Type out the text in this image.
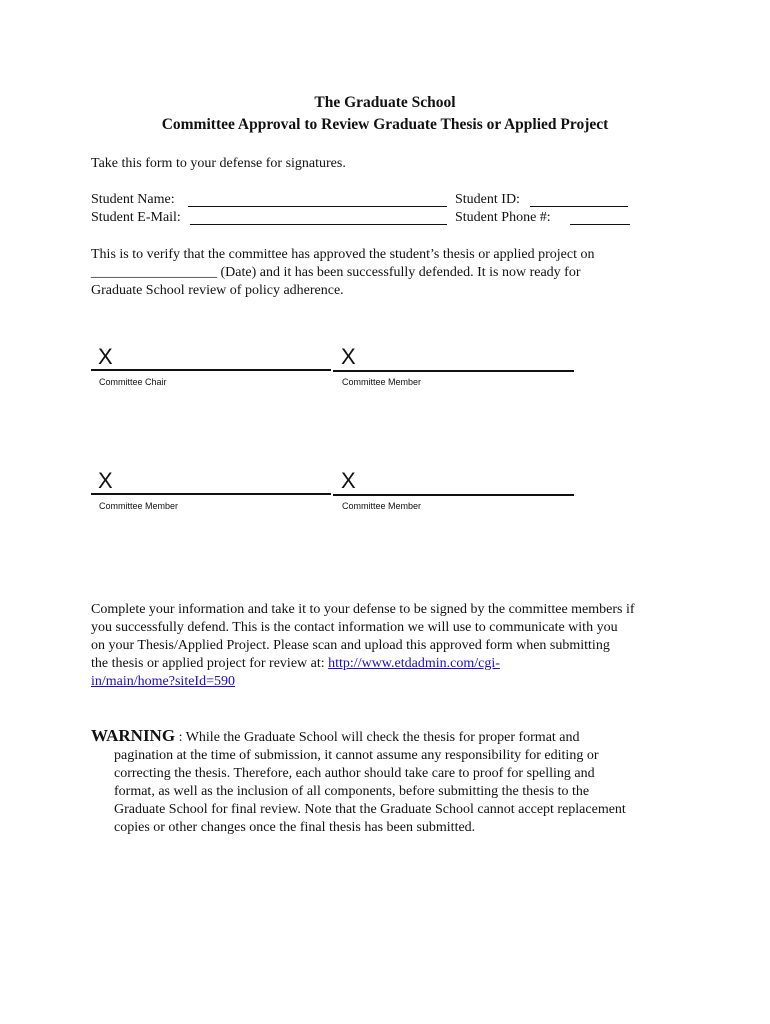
The Graduate School
Committee Approval to Review Graduate Thesis or Applied Project
Take this form to your defense for signatures.
Student Name:
Student E-Mail:
Student ID:
Student Phone #:
This is to verify that the committee has approved the student’s thesis or applied project on
__________________ (Date) and it has been successfully defended. It is now ready for
Graduate School review of policy adherence.
X
Committee Chair
X
Committee Member
X
Committee Member
X
Committee Member
Complete your information and take it to your defense to be signed by the committee members if
you successfully defend. This is the contact information we will use to communicate with you
on your Thesis/Applied Project. Please scan and upload this approved form when submitting
the thesis or applied project for review at: http://www.etdadmin.com/cgi-
in/main/home?siteId=590
WARNING : While the Graduate School will check the thesis for proper format and
pagination at the time of submission, it cannot assume any responsibility for editing or
correcting the thesis. Therefore, each author should take care to proof for spelling and
format, as well as the inclusion of all components, before submitting the thesis to the
Graduate School for final review. Note that the Graduate School cannot accept replacement
copies or other changes once the final thesis has been submitted.
